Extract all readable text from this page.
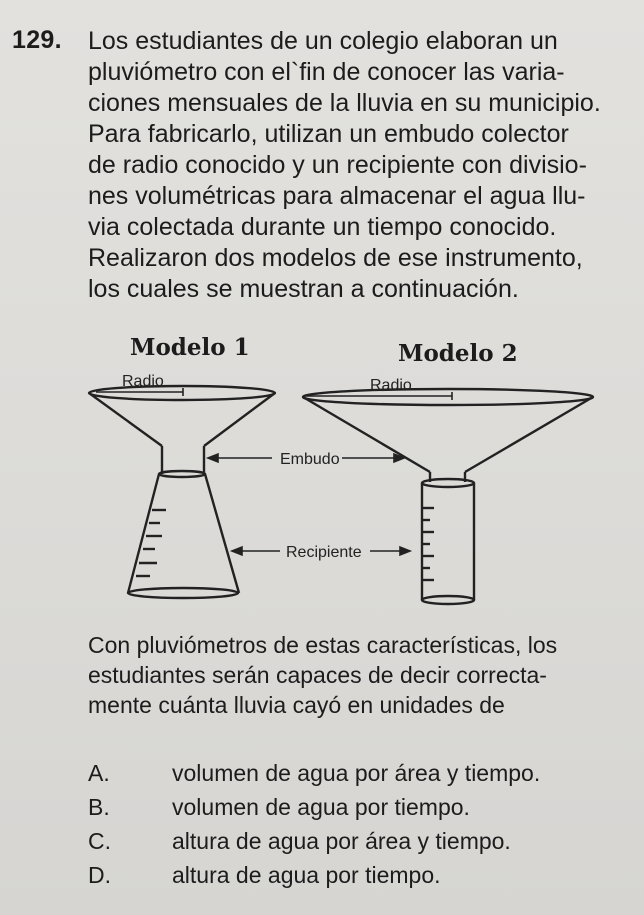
129. Los estudiantes de un colegio elaboran un
pluviómetro con el`fin de conocer las varia-
ciones mensuales de la lluvia en su municipio.
Para fabricarlo, utilizan un embudo colector
de radio conocido y un recipiente con divisio-
nes volumétricas para almacenar el agua llu-
via colectada durante un tiempo conocido.
Realizaron dos modelos de ese instrumento,
los cuales se muestran a continuación.

Modelo 1	Modelo 2
Radio	Radio
Embudo
Recipiente
Con pluviómetros de estas características, los
estudiantes serán capaces de decir correcta-
mente cuánta lluvia cayó en unidades de
A.	volumen de agua por área y tiempo.
B.	volumen de agua por tiempo.
C.	altura de agua por área y tiempo.
D.	altura de agua por tiempo.
